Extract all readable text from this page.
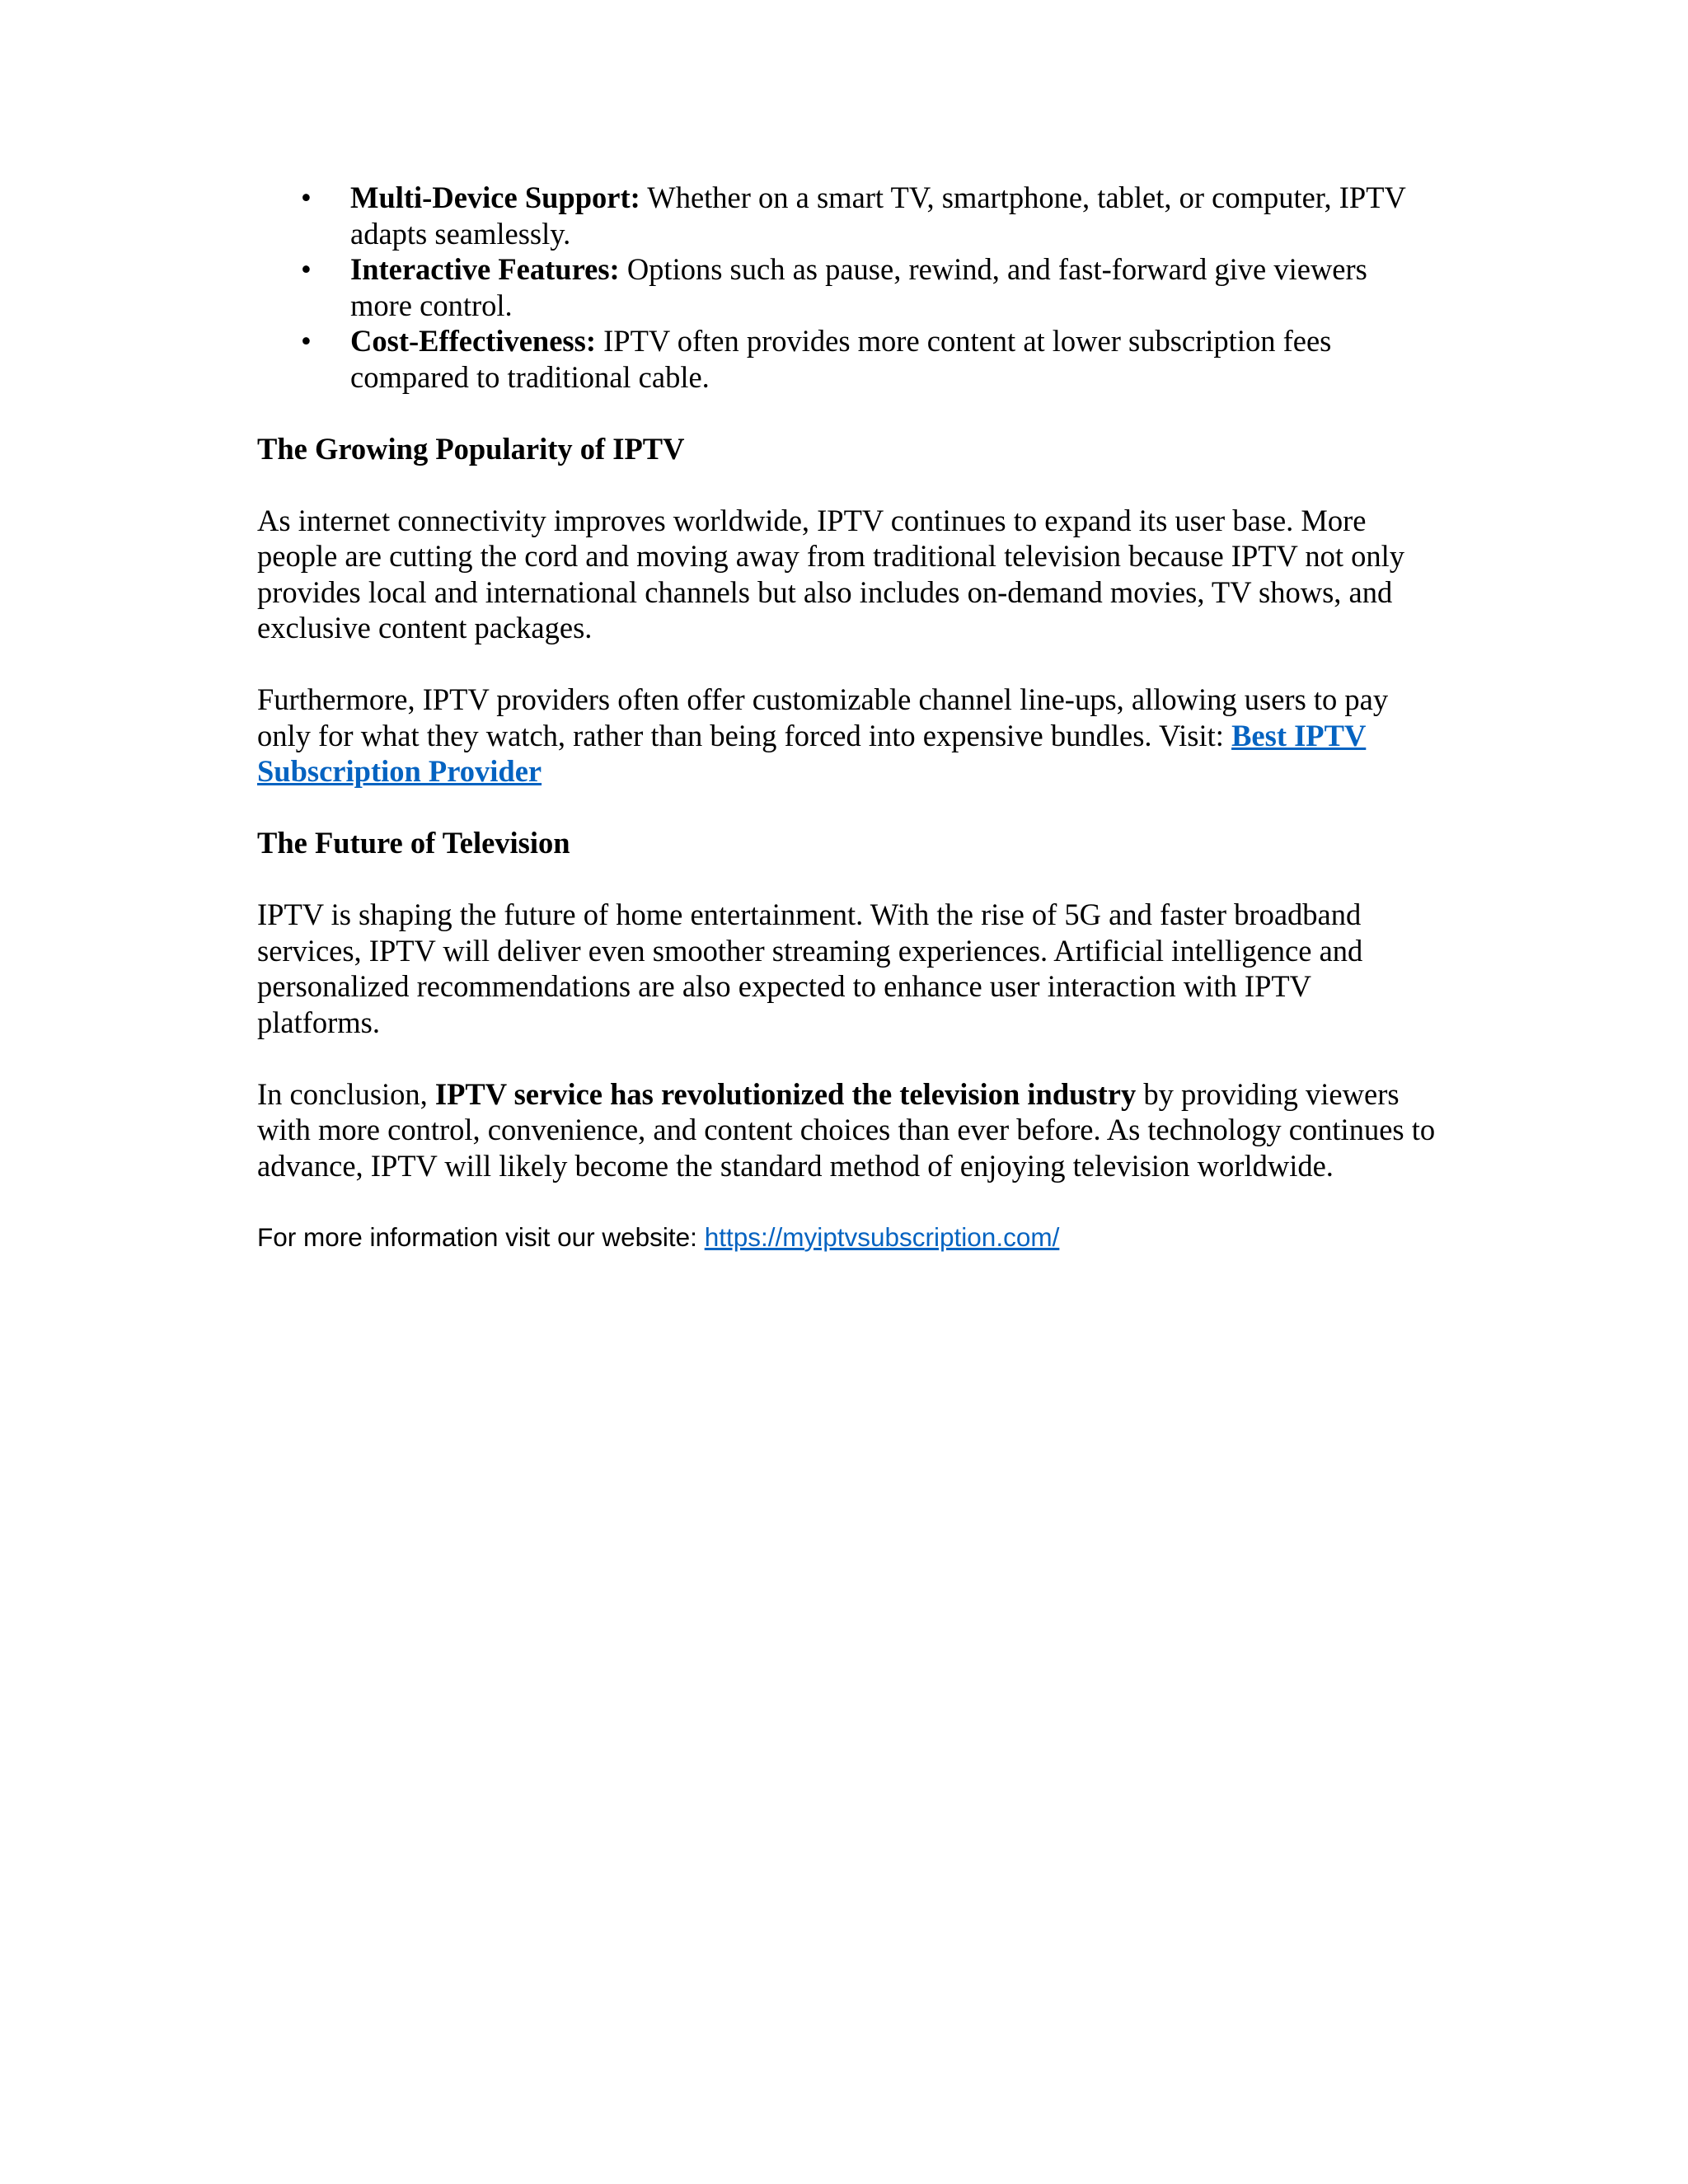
• Multi-Device Support: Whether on a smart TV, smartphone, tablet, or computer, IPTV adapts seamlessly.
• Interactive Features: Options such as pause, rewind, and fast-forward give viewers more control.
• Cost-Effectiveness: IPTV often provides more content at lower subscription fees compared to traditional cable.

The Growing Popularity of IPTV

As internet connectivity improves worldwide, IPTV continues to expand its user base. More people are cutting the cord and moving away from traditional television because IPTV not only provides local and international channels but also includes on-demand movies, TV shows, and exclusive content packages.

Furthermore, IPTV providers often offer customizable channel line-ups, allowing users to pay only for what they watch, rather than being forced into expensive bundles. Visit: Best IPTV Subscription Provider

The Future of Television

IPTV is shaping the future of home entertainment. With the rise of 5G and faster broadband services, IPTV will deliver even smoother streaming experiences. Artificial intelligence and personalized recommendations are also expected to enhance user interaction with IPTV platforms.

In conclusion, IPTV service has revolutionized the television industry by providing viewers with more control, convenience, and content choices than ever before. As technology continues to advance, IPTV will likely become the standard method of enjoying television worldwide.

For more information visit our website: https://myiptvsubscription.com/
